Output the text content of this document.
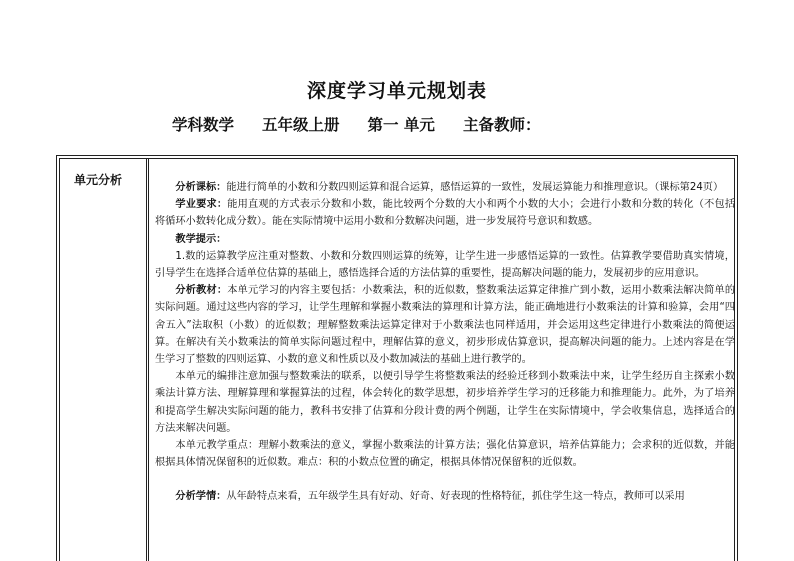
深度学习单元规划表
学科数学 五年级上册 第一 单元 主备教师：
单元分析

分析课标：能进行简单的小数和分数四则运算和混合运算，感悟运算的一致性，发展运算能力和推理意识。（课标第24页）

学业要求：能用直观的方式表示分数和小数，能比较两个分数的大小和两个小数的大小；会进行小数和分数的转化（不包括将循环小数转化成分数）。能在实际情境中运用小数和分数解决问题，进一步发展符号意识和数感。

教学提示：

1.数的运算教学应注重对整数、小数和分数四则运算的统筹，让学生进一步感悟运算的一致性。估算教学要借助真实情境，引导学生在选择合适单位估算的基础上，感悟选择合适的方法估算的重要性，提高解决问题的能力，发展初步的应用意识。

分析教材：本单元学习的内容主要包括：小数乘法，积的近似数，整数乘法运算定律推广到小数，运用小数乘法解决简单的实际问题。通过这些内容的学习，让学生理解和掌握小数乘法的算理和计算方法，能正确地进行小数乘法的计算和验算，会用“四舍五入”法取积（小数）的近似数；理解整数乘法运算定律对于小数乘法也同样适用，并会运用这些定律进行小数乘法的简便运算。在解决有关小数乘法的简单实际问题过程中，理解估算的意义，初步形成估算意识，提高解决问题的能力。上述内容是在学生学习了整数的四则运算、小数的意义和性质以及小数加减法的基础上进行教学的。

本单元的编排注意加强与整数乘法的联系，以便引导学生将整数乘法的经验迁移到小数乘法中来，让学生经历自主探索小数乘法计算方法、理解算理和掌握算法的过程，体会转化的数学思想，初步培养学生学习的迁移能力和推理能力。此外，为了培养和提高学生解决实际问题的能力，教科书安排了估算和分段计费的两个例题，让学生在实际情境中，学会收集信息，选择适合的方法来解决问题。

本单元教学重点：理解小数乘法的意义，掌握小数乘法的计算方法；强化估算意识，培养估算能力；会求积的近似数，并能根据具体情况保留积的近似数。难点：积的小数点位置的确定，根据具体情况保留积的近似数。

分析学情：从年龄特点来看，五年级学生具有好动、好奇、好表现的性格特征，抓住学生这一特点，教师可以采用
